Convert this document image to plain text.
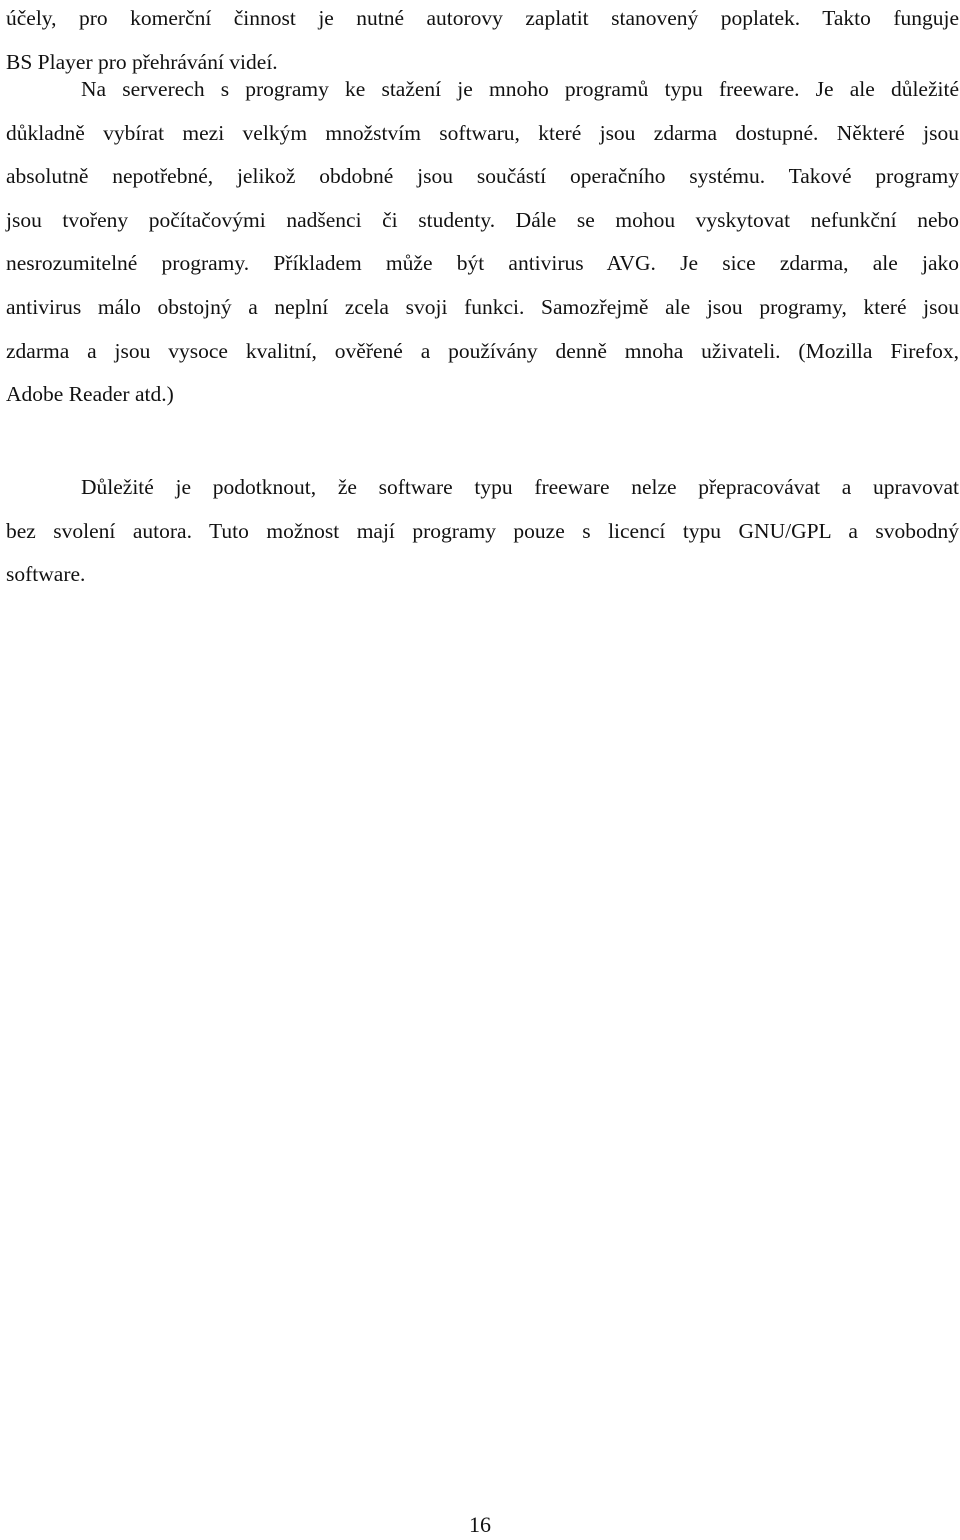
účely, pro komerční činnost je nutné autorovy zaplatit stanovený poplatek. Takto funguje
BS Player pro přehrávání videí.

Na serverech s programy ke stažení je mnoho programů typu freeware. Je ale důležité
důkladně vybírat mezi velkým množstvím softwaru, které jsou zdarma dostupné. Některé jsou
absolutně nepotřebné, jelikož obdobné jsou součástí operačního systému. Takové programy
jsou tvořeny počítačovými nadšenci či studenty. Dále se mohou vyskytovat nefunkční nebo
nesrozumitelné programy. Příkladem může být antivirus AVG. Je sice zdarma, ale jako
antivirus málo obstojný a neplní zcela svoji funkci. Samozřejmě ale jsou programy, které jsou
zdarma a jsou vysoce kvalitní, ověřené a používány denně mnoha uživateli. (Mozilla Firefox,
Adobe Reader atd.)

Důležité je podotknout, že software typu freeware nelze přepracovávat a upravovat
bez svolení autora. Tuto možnost mají programy pouze s licencí typu GNU/GPL a svobodný
software.

16
